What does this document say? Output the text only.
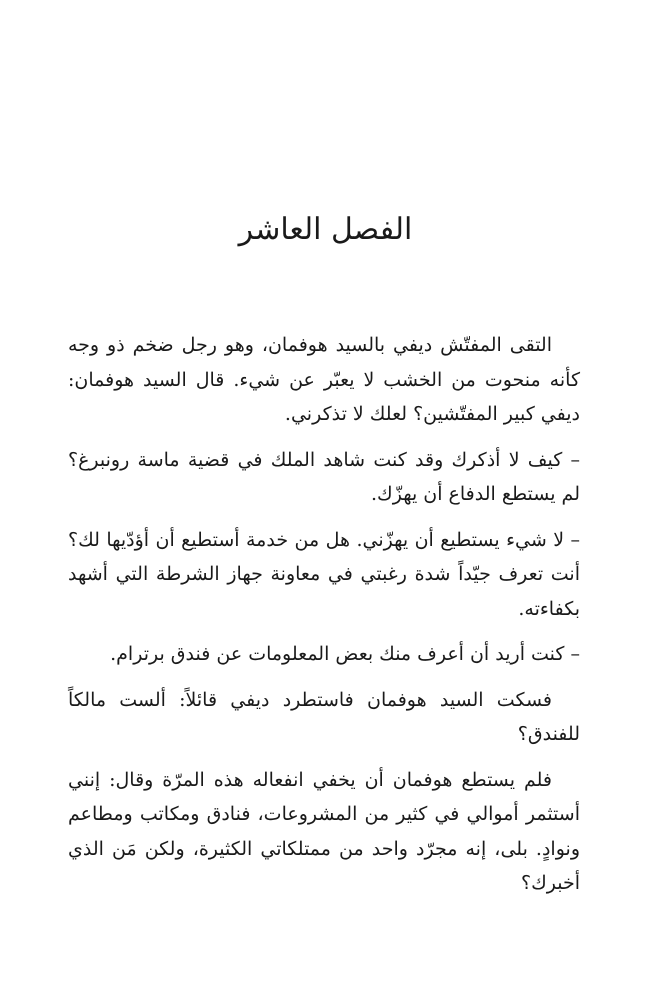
الفصل العاشر

التقى المفتّش ديفي بالسيد هوفمان، وهو رجل ضخم ذو وجه كأنه منحوت من الخشب لا يعبّر عن شيء. قال السيد هوفمان: ديفي كبير المفتّشين؟ لعلك لا تذكرني.

– كيف لا أذكرك وقد كنت شاهد الملك في قضية ماسة رونبرغ؟ لم يستطع الدفاع أن يهزّك.

– لا شيء يستطيع أن يهزّني. هل من خدمة أستطيع أن أؤدّيها لك؟ أنت تعرف جيّداً شدة رغبتي في معاونة جهاز الشرطة التي أشهد بكفاءته.

– كنت أريد أن أعرف منك بعض المعلومات عن فندق برترام.

فسكت السيد هوفمان فاستطرد ديفي قائلاً: ألست مالكاً للفندق؟

فلم يستطع هوفمان أن يخفي انفعاله هذه المرّة وقال: إنني أستثمر أموالي في كثير من المشروعات، فنادق ومكاتب ومطاعم ونوادٍ. بلى، إنه مجرّد واحد من ممتلكاتي الكثيرة، ولكن مَن الذي أخبرك؟
